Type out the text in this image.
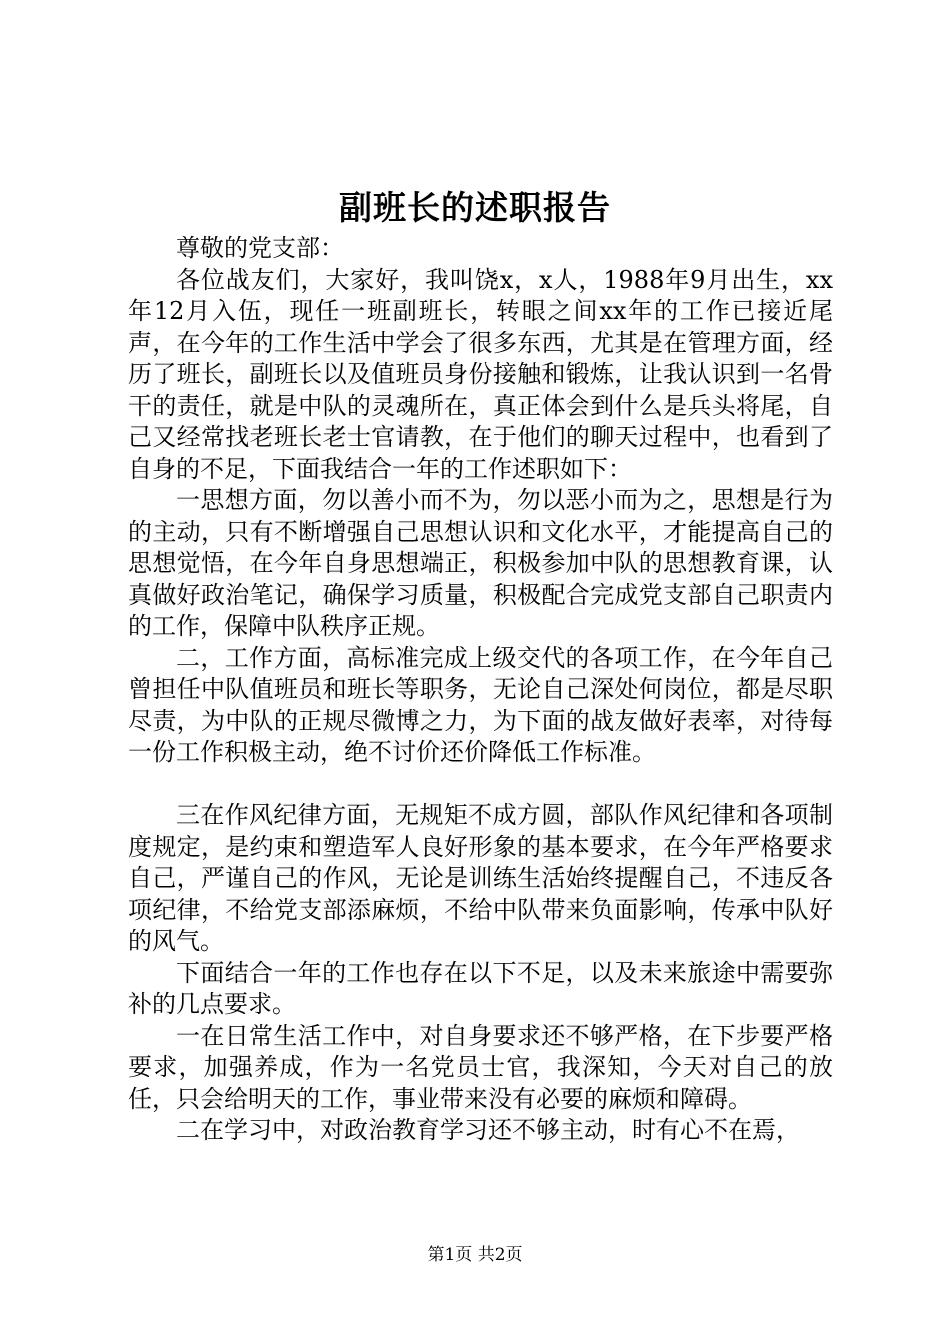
副班长的述职报告

尊敬的党支部：

各位战友们，大家好，我叫饶x，x人，1988年9月出生，xx年12月入伍，现任一班副班长，转眼之间xx年的工作已接近尾声，在今年的工作生活中学会了很多东西，尤其是在管理方面，经历了班长，副班长以及值班员身份接触和锻炼，让我认识到一名骨干的责任，就是中队的灵魂所在，真正体会到什么是兵头将尾，自己又经常找老班长老士官请教，在于他们的聊天过程中，也看到了自身的不足，下面我结合一年的工作述职如下：

一思想方面，勿以善小而不为，勿以恶小而为之，思想是行为的主动，只有不断增强自己思想认识和文化水平，才能提高自己的思想觉悟，在今年自身思想端正，积极参加中队的思想教育课，认真做好政治笔记，确保学习质量，积极配合完成党支部自己职责内的工作，保障中队秩序正规。

二，工作方面，高标准完成上级交代的各项工作，在今年自己曾担任中队值班员和班长等职务，无论自己深处何岗位，都是尽职尽责，为中队的正规尽微博之力，为下面的战友做好表率，对待每一份工作积极主动，绝不讨价还价降低工作标准。

三在作风纪律方面，无规矩不成方圆，部队作风纪律和各项制度规定，是约束和塑造军人良好形象的基本要求，在今年严格要求自己，严谨自己的作风，无论是训练生活始终提醒自己，不违反各项纪律，不给党支部添麻烦，不给中队带来负面影响，传承中队好的风气。

下面结合一年的工作也存在以下不足，以及未来旅途中需要弥补的几点要求。

一在日常生活工作中，对自身要求还不够严格，在下步要严格要求，加强养成，作为一名党员士官，我深知，今天对自己的放任，只会给明天的工作，事业带来没有必要的麻烦和障碍。

二在学习中，对政治教育学习还不够主动，时有心不在焉，

第1页 共2页
